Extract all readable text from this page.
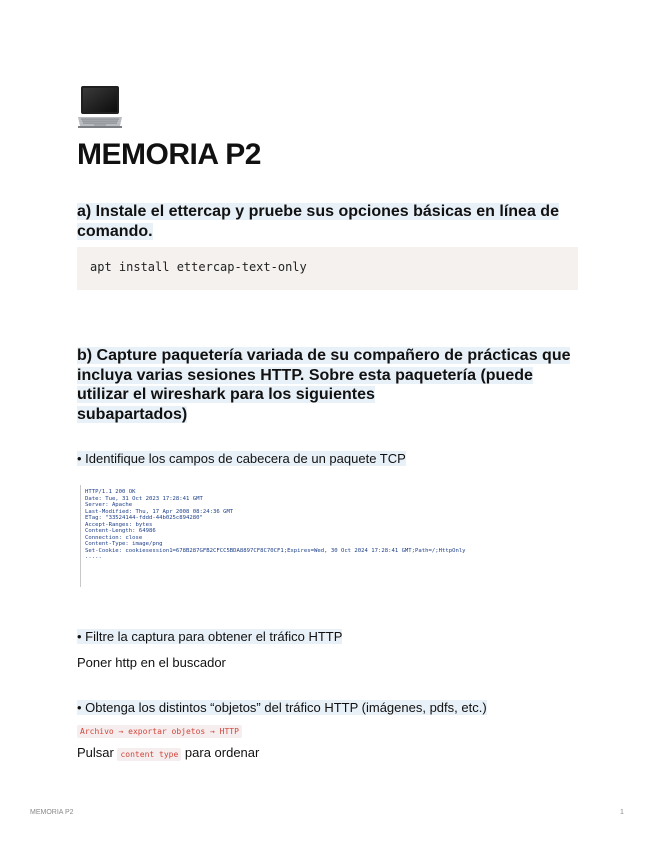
MEMORIA P2
a) Instale el ettercap y pruebe sus opciones básicas en línea de
comando.
apt install ettercap-text-only
b) Capture paquetería variada de su compañero de prácticas que
incluya varias sesiones HTTP. Sobre esta paquetería (puede
utilizar el wireshark para los siguientes
subapartados)

• Identifique los campos de cabecera de un paquete TCP

HTTP/1.1 200 OK
Date: Tue, 31 Oct 2023 17:28:41 GMT
Server: Apache
Last-Modified: Thu, 17 Apr 2008 08:24:36 GMT
ETag: "33524144-fddd-44b025c894280"
Accept-Ranges: bytes
Content-Length: 64986
Connection: close
Content-Type: image/png
Set-Cookie: cookiesession1=678B287GFB2CFCC5BDA8897CF8C70CF1;Expires=Wed, 30 Oct 2024 17:28:41 GMT;Path=/;HttpOnly
.....

• Filtre la captura para obtener el tráfico HTTP

Poner http en el buscador

• Obtenga los distintos “objetos” del tráfico HTTP (imágenes, pdfs, etc.)

Archivo → exportar objetos → HTTP

Pulsar content type para ordenar

MEMORIA P2	1
